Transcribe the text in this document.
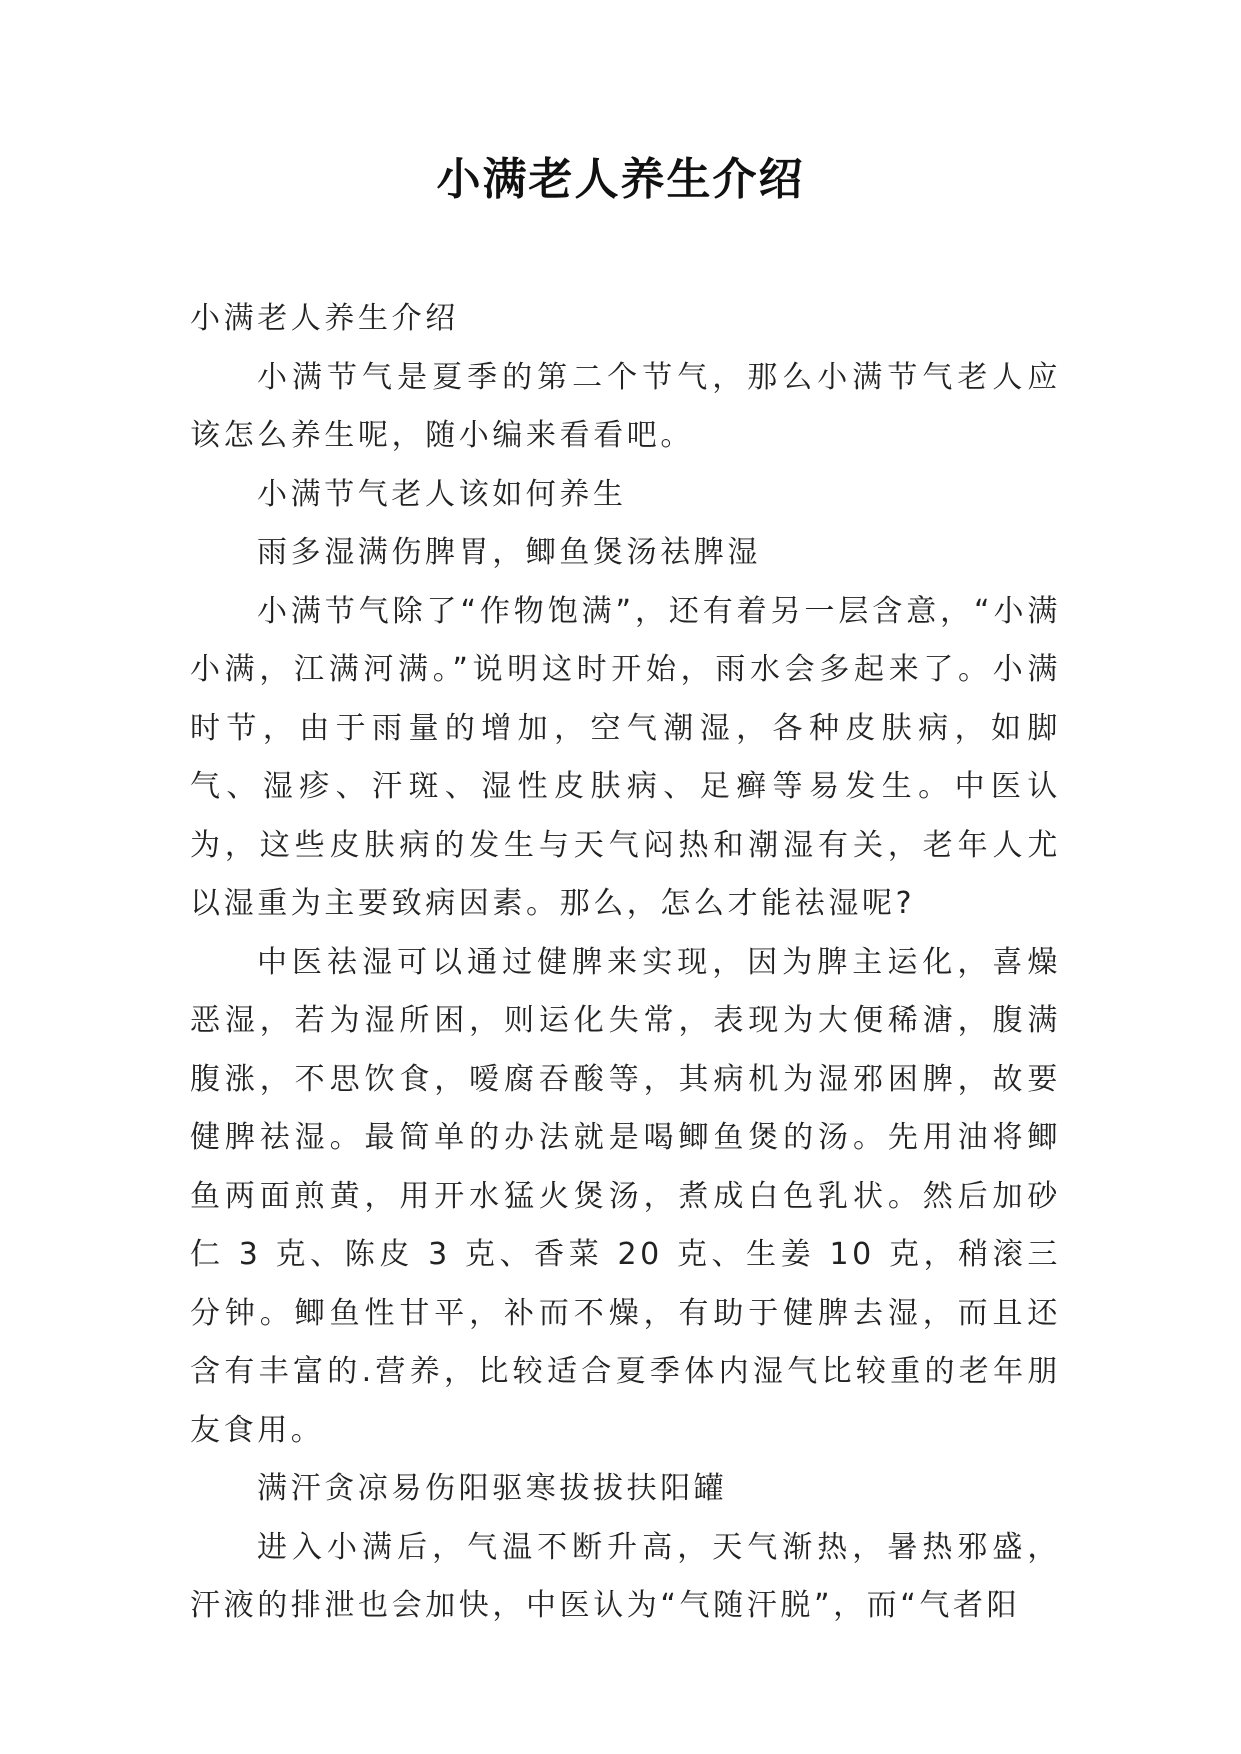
小满老人养生介绍

小满老人养生介绍

小满节气是夏季的第二个节气，那么小满节气老人应该怎么养生呢，随小编来看看吧。

小满节气老人该如何养生

雨多湿满伤脾胃，鲫鱼煲汤祛脾湿

小满节气除了“作物饱满”，还有着另一层含意，“小满小满，江满河满。”说明这时开始，雨水会多起来了。小满时节，由于雨量的增加，空气潮湿，各种皮肤病，如脚气、湿疹、汗斑、湿性皮肤病、足癣等易发生。中医认为，这些皮肤病的发生与天气闷热和潮湿有关，老年人尤以湿重为主要致病因素。那么，怎么才能祛湿呢?

中医祛湿可以通过健脾来实现，因为脾主运化，喜燥恶湿，若为湿所困，则运化失常，表现为大便稀溏，腹满腹涨，不思饮食，嗳腐吞酸等，其病机为湿邪困脾，故要健脾祛湿。最简单的办法就是喝鲫鱼煲的汤。先用油将鲫鱼两面煎黄，用开水猛火煲汤，煮成白色乳状。然后加砂仁 3 克、陈皮 3 克、香菜 20 克、生姜 10 克，稍滚三分钟。鲫鱼性甘平，补而不燥，有助于健脾去湿，而且还含有丰富的.营养，比较适合夏季体内湿气比较重的老年朋友食用。

满汗贪凉易伤阳驱寒拔拔扶阳罐

进入小满后，气温不断升高，天气渐热，暑热邪盛，汗液的排泄也会加快，中医认为“气随汗脱”，而“气者阳
